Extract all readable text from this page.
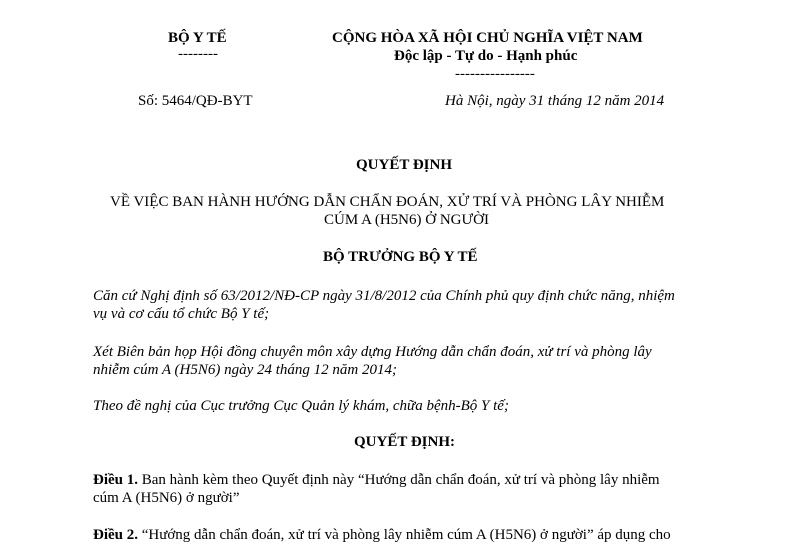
BỘ Y TẾ
--------
CỘNG HÒA XÃ HỘI CHỦ NGHĨA VIỆT NAM
Độc lập - Tự do - Hạnh phúc
----------------
Số: 5464/QĐ-BYT	Hà Nội, ngày 31 tháng 12 năm 2014
QUYẾT ĐỊNH
VỀ VIỆC BAN HÀNH HƯỚNG DẪN CHẨN ĐOÁN, XỬ TRÍ VÀ PHÒNG LÂY NHIỄM
CÚM A (H5N6) Ở NGƯỜI
BỘ TRƯỞNG BỘ Y TẾ
Căn cứ Nghị định số 63/2012/NĐ-CP ngày 31/8/2012 của Chính phủ quy định chức năng, nhiệm
vụ và cơ cấu tổ chức Bộ Y tế;
Xét Biên bản họp Hội đồng chuyên môn xây dựng Hướng dẫn chẩn đoán, xử trí và phòng lây
nhiễm cúm A (H5N6) ngày 24 tháng 12 năm 2014;
Theo đề nghị của Cục trưởng Cục Quản lý khám, chữa bệnh-Bộ Y tế;
QUYẾT ĐỊNH:
Điều 1. Ban hành kèm theo Quyết định này “Hướng dẫn chẩn đoán, xử trí và phòng lây nhiễm
cúm A (H5N6) ở người”
Điều 2. “Hướng dẫn chẩn đoán, xử trí và phòng lây nhiễm cúm A (H5N6) ở người” áp dụng cho
